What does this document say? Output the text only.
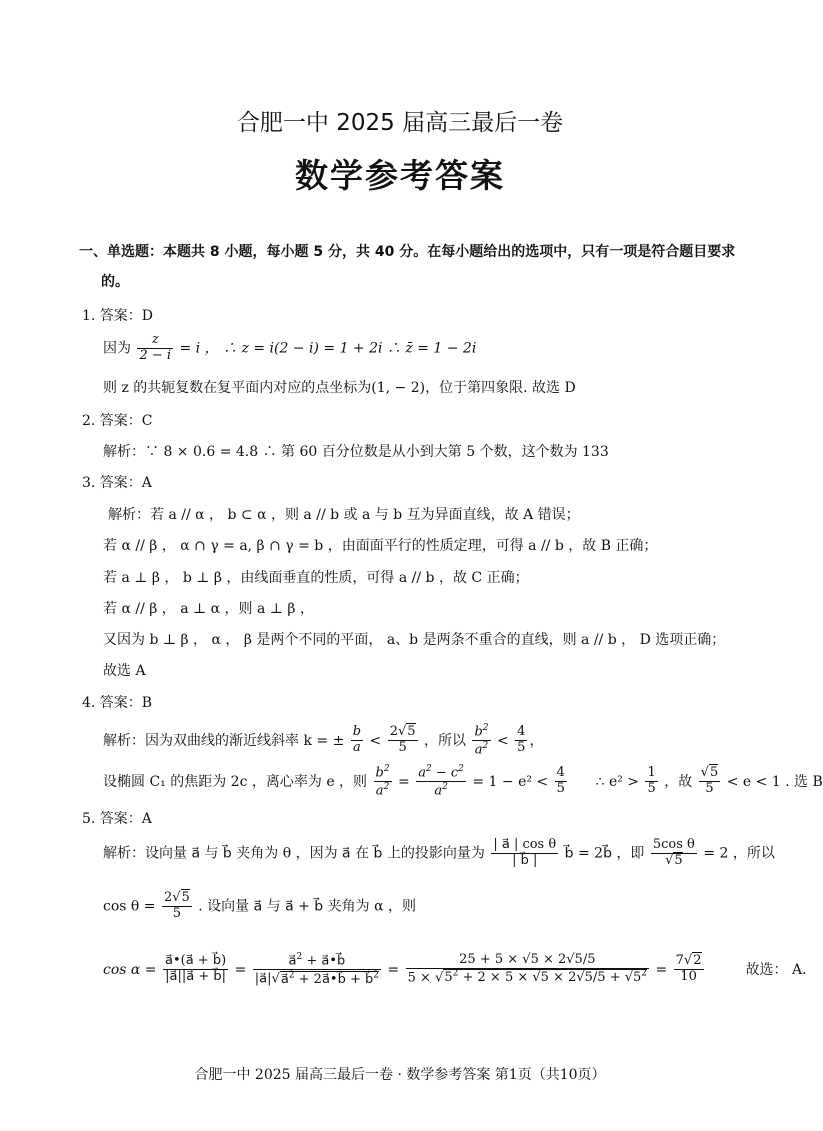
合肥一中 2025 届高三最后一卷
数学参考答案
一、单选题：本题共 8 小题，每小题 5 分，共 40 分。在每小题给出的选项中，只有一项是符合题目要求
的。
1. 答案：D
因为 $\frac{z}{2 - i} = i$ ， ∴ z = i(2 − i) = 1 + 2i ∴ z̄ = 1 − 2i
则 z 的共轭复数在复平面内对应的点坐标为(1, − 2)，位于第四象限. 故选 D
2. 答案：C
解析：∵ 8 × 0.6 = 4.8 ∴ 第 60 百分位数是从小到大第 5 个数，这个数为 133
3. 答案：A
解析：若 a // α ， b ⊂ α ，则 a // b 或 a 与 b 互为异面直线，故 A 错误；
若 α // β ， α ∩ γ = a, β ∩ γ = b ，由面面平行的性质定理，可得 a // b ，故 B 正确；
若 a ⊥ β ， b ⊥ β ，由线面垂直的性质，可得 a // b ，故 C 正确；
若 α // β ， a ⊥ α ，则 a ⊥ β ，
又因为 b ⊥ β ， α ， β 是两个不同的平面， a、b 是两条不重合的直线，则 a // b ， D 选项正确；
故选 A
4. 答案：B
解析：因为双曲线的渐近线斜率 k = ± $\frac{b}{a} < \frac{2√5}{5}$ ，所以 $\frac{b^2}{a^2} < \frac{4}{5}$ ，
设椭圆 C₁ 的焦距为 2c ，离心率为 e ，则 $\frac{b^2}{a^2} = \frac{a^2 - c^2}{a^2} = 1 - e^2 < \frac{4}{5}$ ∴ $e^2 > \frac{1}{5}$ ，故 $\frac{√5}{5} < e < 1$ . 选 B
5. 答案：A
解析：设向量 a⃗ 与 b⃗ 夹角为 θ ，因为 a⃗ 在 b⃗ 上的投影向量为 $\frac{\text{| a⃗ | cos θ}}{| b⃗ |}$ b⃗ = 2b⃗ ，即 $\frac{\text{5cos θ}}{√5} = 2$ ，所以
$\cos \theta = \frac{2√5}{5}$ . 设向量 a⃗ 与 a⃗ + b⃗ 夹角为 α ，则
$\cos \alpha = \frac{a⃗•(a⃗ + b⃗)}{|a⃗||a⃗ + b⃗|} = \frac{a⃗^2 + a⃗•b⃗}{|a⃗|√a⃗^2 + 2a⃗•b⃗ + b⃗^2} = \frac{25 + 5 \times √5 \times 2√5/5}{5 \times √5^2 + 2 \times 5 \times √5 \times 2√5/5 + √5^2} = \frac{7√2}{10}$	故选： A.
合肥一中 2025 届高三最后一卷 · 数学参考答案 第1页（共10页）
